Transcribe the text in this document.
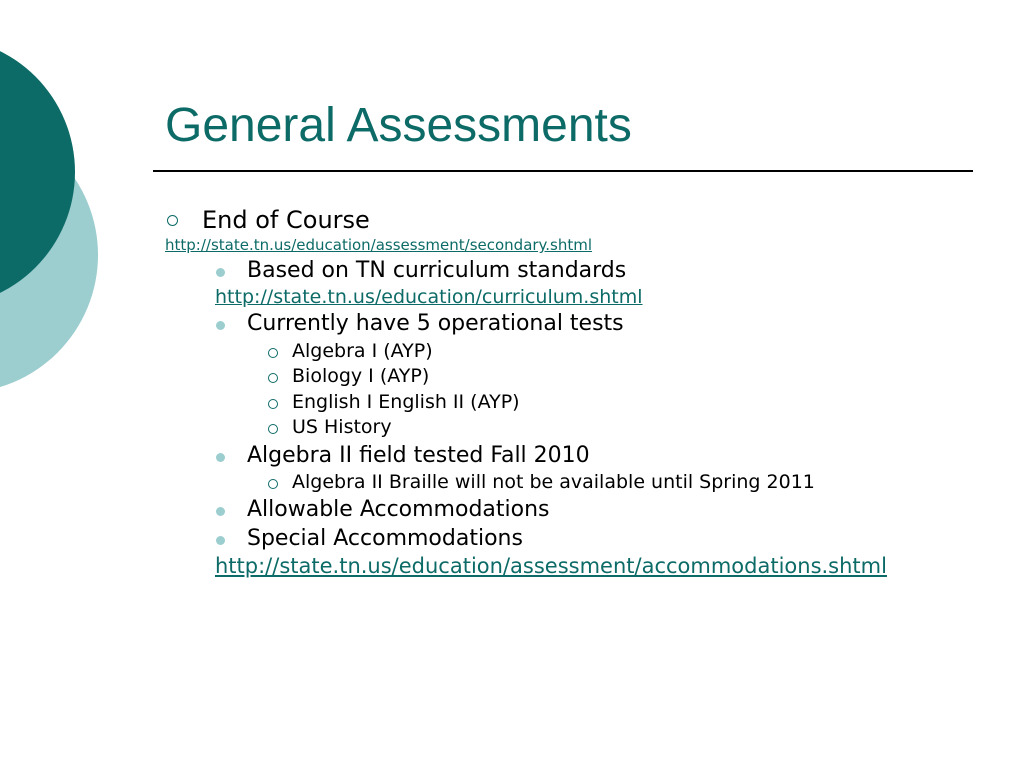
General Assessments
End of Course
http://state.tn.us/education/assessment/secondary.shtml
Based on TN curriculum standards
http://state.tn.us/education/curriculum.shtml
Currently have 5 operational tests
Algebra I (AYP)
Biology I (AYP)
English I English II (AYP)
US History
Algebra II field tested Fall 2010
Algebra II Braille will not be available until Spring 2011
Allowable Accommodations
Special Accommodations
http://state.tn.us/education/assessment/accommodations.shtml
